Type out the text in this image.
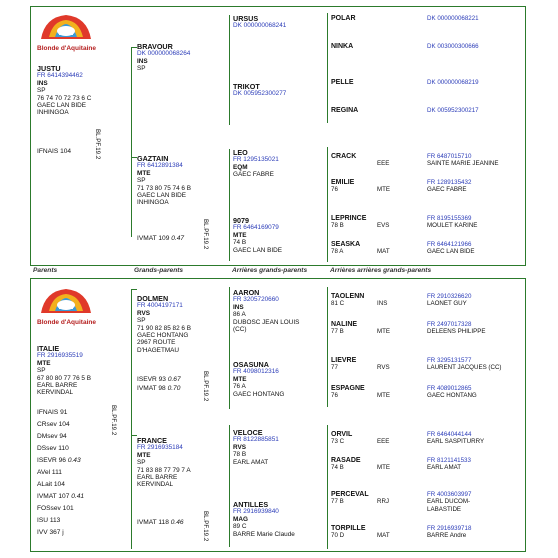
Blonde d'Aquitaine
JUSTU
FR 6414394462
INS
SP
76 74 70 72 73 6 C
GAEC LAN BIDE
INHINGOA
IFNAIS 104	BL.PF.19.2
BRAVOUR
DK 000000068264
INS
SP
GAZTAIN
FR 6412891384
MTE
SP
71 73 80 75 74 6 B
GAEC LAN BIDE
INHINGOA
IVMAT 109 0.47	BL.PF.19.2
URSUS
DK 000000068241
TRIKOT
DK 005952300277
LEO
FR 1295135021
EQM
GAEC FABRE
9079
FR 6464169079
MTE
74 B
GAEC LAN BIDE
POLAR	DK 000000068221
NINKA	DK 003000300666
PELLE	DK 000000068219
REGINA	DK 005952300217
CRACK	FR 6487015710
EEE	SAINTE MARIE JEANINE
EMILIE	FR 1289135432
76	MTE	GAEC FABRE
LEPRINCE	FR 8195155369
78 B	EVS	MOULET KARINE
SEASKA	FR 6464121966
78 A	MAT	GAEC LAN BIDE
Parents	Grands-parents	Arrières grands-parents	Arrières arrières grands-parents
Blonde d'Aquitaine
ITALIE
FR 2916935519
MTE
SP
67 80 80 77 76 5 B
EARL BARRE
KERVINDAL
IFNAIS 91
CRsev 104
DMsev 94
DSsev 110
ISEVR 96 0.43
AVel 111
ALait 104
IVMAT 107 0.41
FOSsev 101
ISU 113
IVV 367 j
BL.PF.19.2
DOLMEN
FR 4004197171
RVS
SP
71 90 82 85 82 6 B
GAEC HONTANG
2967 ROUTE
D'HAGETMAU
ISEVR 93 0.67
IVMAT 98 0.70	BL.PF.19.2
FRANCE
FR 2916935184
MTE
SP
71 83 88 77 79 7 A
EARL BARRE
KERVINDAL
IVMAT 118 0.46	BL.PF.19.2
AARON
FR 3205720660
INS
86 A
DUBOSC JEAN LOUIS
(CC)
OSASUNA
FR 4098012316
MTE
76 A
GAEC HONTANG
VELOCE
FR 8122885851
RVS
78 B
EARL AMAT
ANTILLES
FR 2916939840
MAG
89 C
BARRE Marie Claude
TAOLENN	FR 2910326620
81 C	INS	LAONET GUY
NALINE	FR 2497017328
77 B	MTE	DELEENS PHILIPPE
LIEVRE	FR 3295131577
77	RVS	LAURENT JACQUES (CC)
ESPAGNE	FR 4089012865
76	MTE	GAEC HONTANG
ORVIL	FR 6464044144
73 C	EEE	EARL SASPITURRY
RASADE	FR 8121141533
74 B	MTE	EARL AMAT
PERCEVAL	FR 4003603997
77 B	RRJ	EARL DUCOM-LABASTIDE
TORPILLE	FR 2916939718
70 D	MAT	BARRE Andre
